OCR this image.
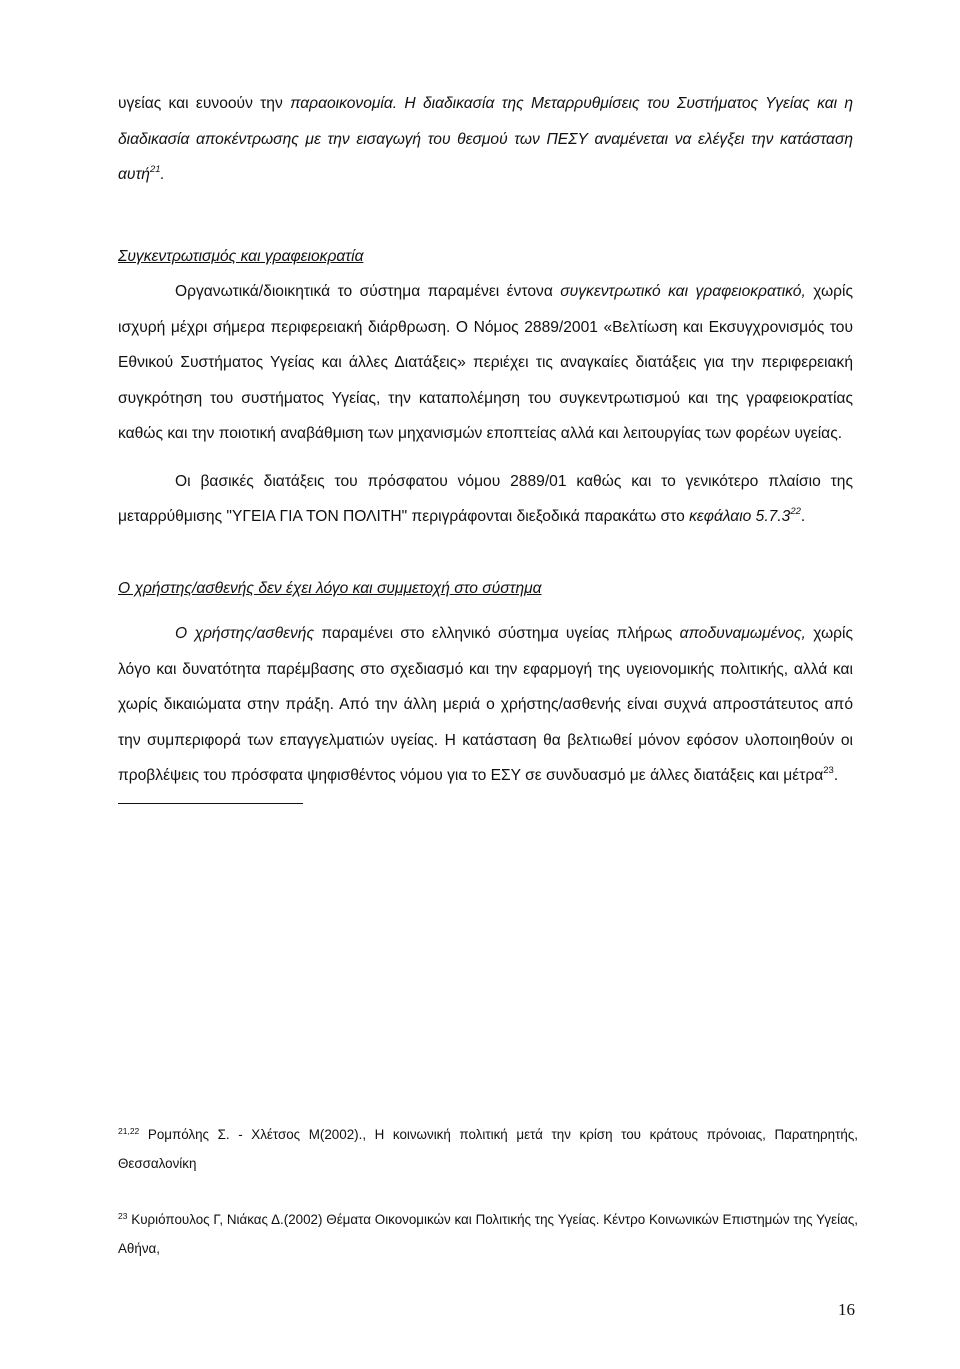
υγείας και ευνοούν την παραοικονομία. Η διαδικασία της Μεταρρυθμίσεις του Συστήματος Υγείας και η διαδικασία αποκέντρωσης με την εισαγωγή του θεσμού των ΠΕΣΥ αναμένεται να ελέγξει την κατάσταση αυτή$^{21}$.

Συγκεντρωτισμός και γραφειοκρατία

Οργανωτικά/διοικητικά το σύστημα παραμένει έντονα συγκεντρωτικό και γραφειοκρατικό, χωρίς ισχυρή μέχρι σήμερα περιφερειακή διάρθρωση. Ο Νόμος 2889/2001 «Βελτίωση και Εκσυγχρονισμός του Εθνικού Συστήματος Υγείας και άλλες Διατάξεις» περιέχει τις αναγκαίες διατάξεις για την περιφερειακή συγκρότηση του συστήματος Υγείας, την καταπολέμηση του συγκεντρωτισμού και της γραφειοκρατίας καθώς και την ποιοτική αναβάθμιση των μηχανισμών εποπτείας αλλά και λειτουργίας των φορέων υγείας.

Οι βασικές διατάξεις του πρόσφατου νόμου 2889/01 καθώς και το γενικότερο πλαίσιο της μεταρρύθμισης "ΥΓΕΙΑ ΓΙΑ ΤΟΝ ΠΟΛΙΤΗ" περιγράφονται διεξοδικά παρακάτω στο κεφάλαιο 5.7.3$^{22}$.

Ο χρήστης/ασθενής δεν έχει λόγο και συμμετοχή στο σύστημα

Ο χρήστης/ασθενής παραμένει στο ελληνικό σύστημα υγείας πλήρως αποδυναμωμένος, χωρίς λόγο και δυνατότητα παρέμβασης στο σχεδιασμό και την εφαρμογή της υγειονομικής πολιτικής, αλλά και χωρίς δικαιώματα στην πράξη. Από την άλλη μεριά ο χρήστης/ασθενής είναι συχνά απροστάτευτος από την συμπεριφορά των επαγγελματιών υγείας. Η κατάσταση θα βελτιωθεί μόνον εφόσον υλοποιηθούν οι προβλέψεις του πρόσφατα ψηφισθέντος νόμου για το ΕΣΥ σε συνδυασμό με άλλες διατάξεις και μέτρα$^{23}$.

$^{21,22}$ Ρομπόλης Σ. - Χλέτσος Μ(2002)., Η κοινωνική πολιτική μετά την κρίση του κράτους πρόνοιας, Παρατηρητής, Θεσσαλονίκη

$^{23}$ Κυριόπουλος Γ, Νιάκας Δ.(2002) Θέματα Οικονομικών και Πολιτικής της Υγείας. Κέντρο Κοινωνικών Επιστημών της Υγείας, Αθήνα,

16
